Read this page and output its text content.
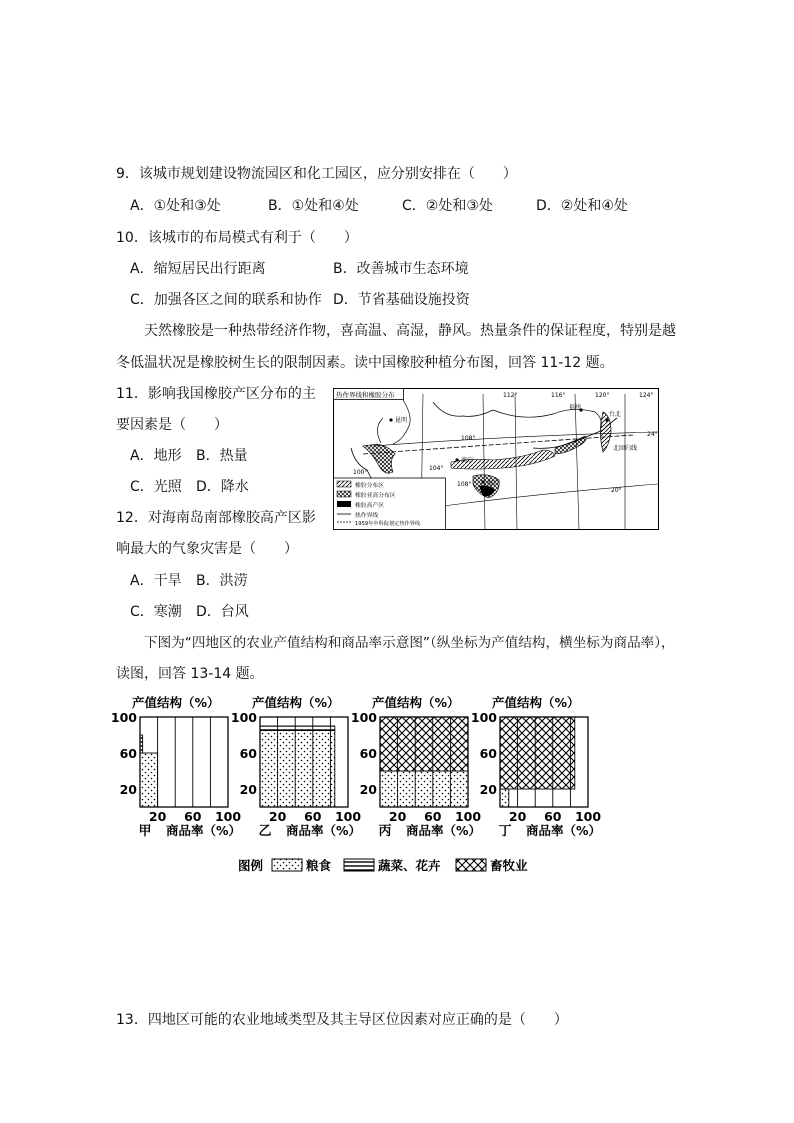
9．该城市规划建设物流园区和化工园区，应分别安排在（　　）
A．①处和③处	B．①处和④处	C．②处和③处	D．②处和④处
10．该城市的布局模式有利于（　　）
A．缩短居民出行距离	B．改善城市生态环境
C．加强各区之间的联系和协作 D．节省基础设施投资
天然橡胶是一种热带经济作物，喜高温、高湿，静风。热量条件的保证程度，特别是越
冬低温状况是橡胶树生长的限制因素。读中国橡胶种植分布图，回答 11-12 题。
11．影响我国橡胶产区分布的主
要因素是（　　）
A．地形 B．热量
C．光照 D．降水
12．对海南岛南部橡胶高产区影
响最大的气象灾害是（　　）
A．干旱 B．洪涝
C．寒潮 D．台风
热作界线和橡胶分布
昆明
南宁
海口
福州
台北
北回归线
112°	116°	120°	124°
108°
104°
100°
108°
24°
20°
橡胶分布区
橡胶亚高分布区
橡胶高产区
热作界线
1959年中科院划定热作界线
下图为“四地区的农业产值结构和商品率示意图”（纵坐标为产值结构，横坐标为商品率），
读图，回答 13-14 题。
产值结构（%）
100
60
20
20 60 100
甲 商品率（%）
产值结构（%）
100
60
20
20 60 100
乙 商品率（%）
产值结构（%）
100
60
20
20 60 100
丙 商品率（%）
产值结构（%）
100
60
20
20 60 100
丁 商品率（%）
图例	粮食	蔬菜、花卉	畜牧业
13．四地区可能的农业地域类型及其主导区位因素对应正确的是（　　）
